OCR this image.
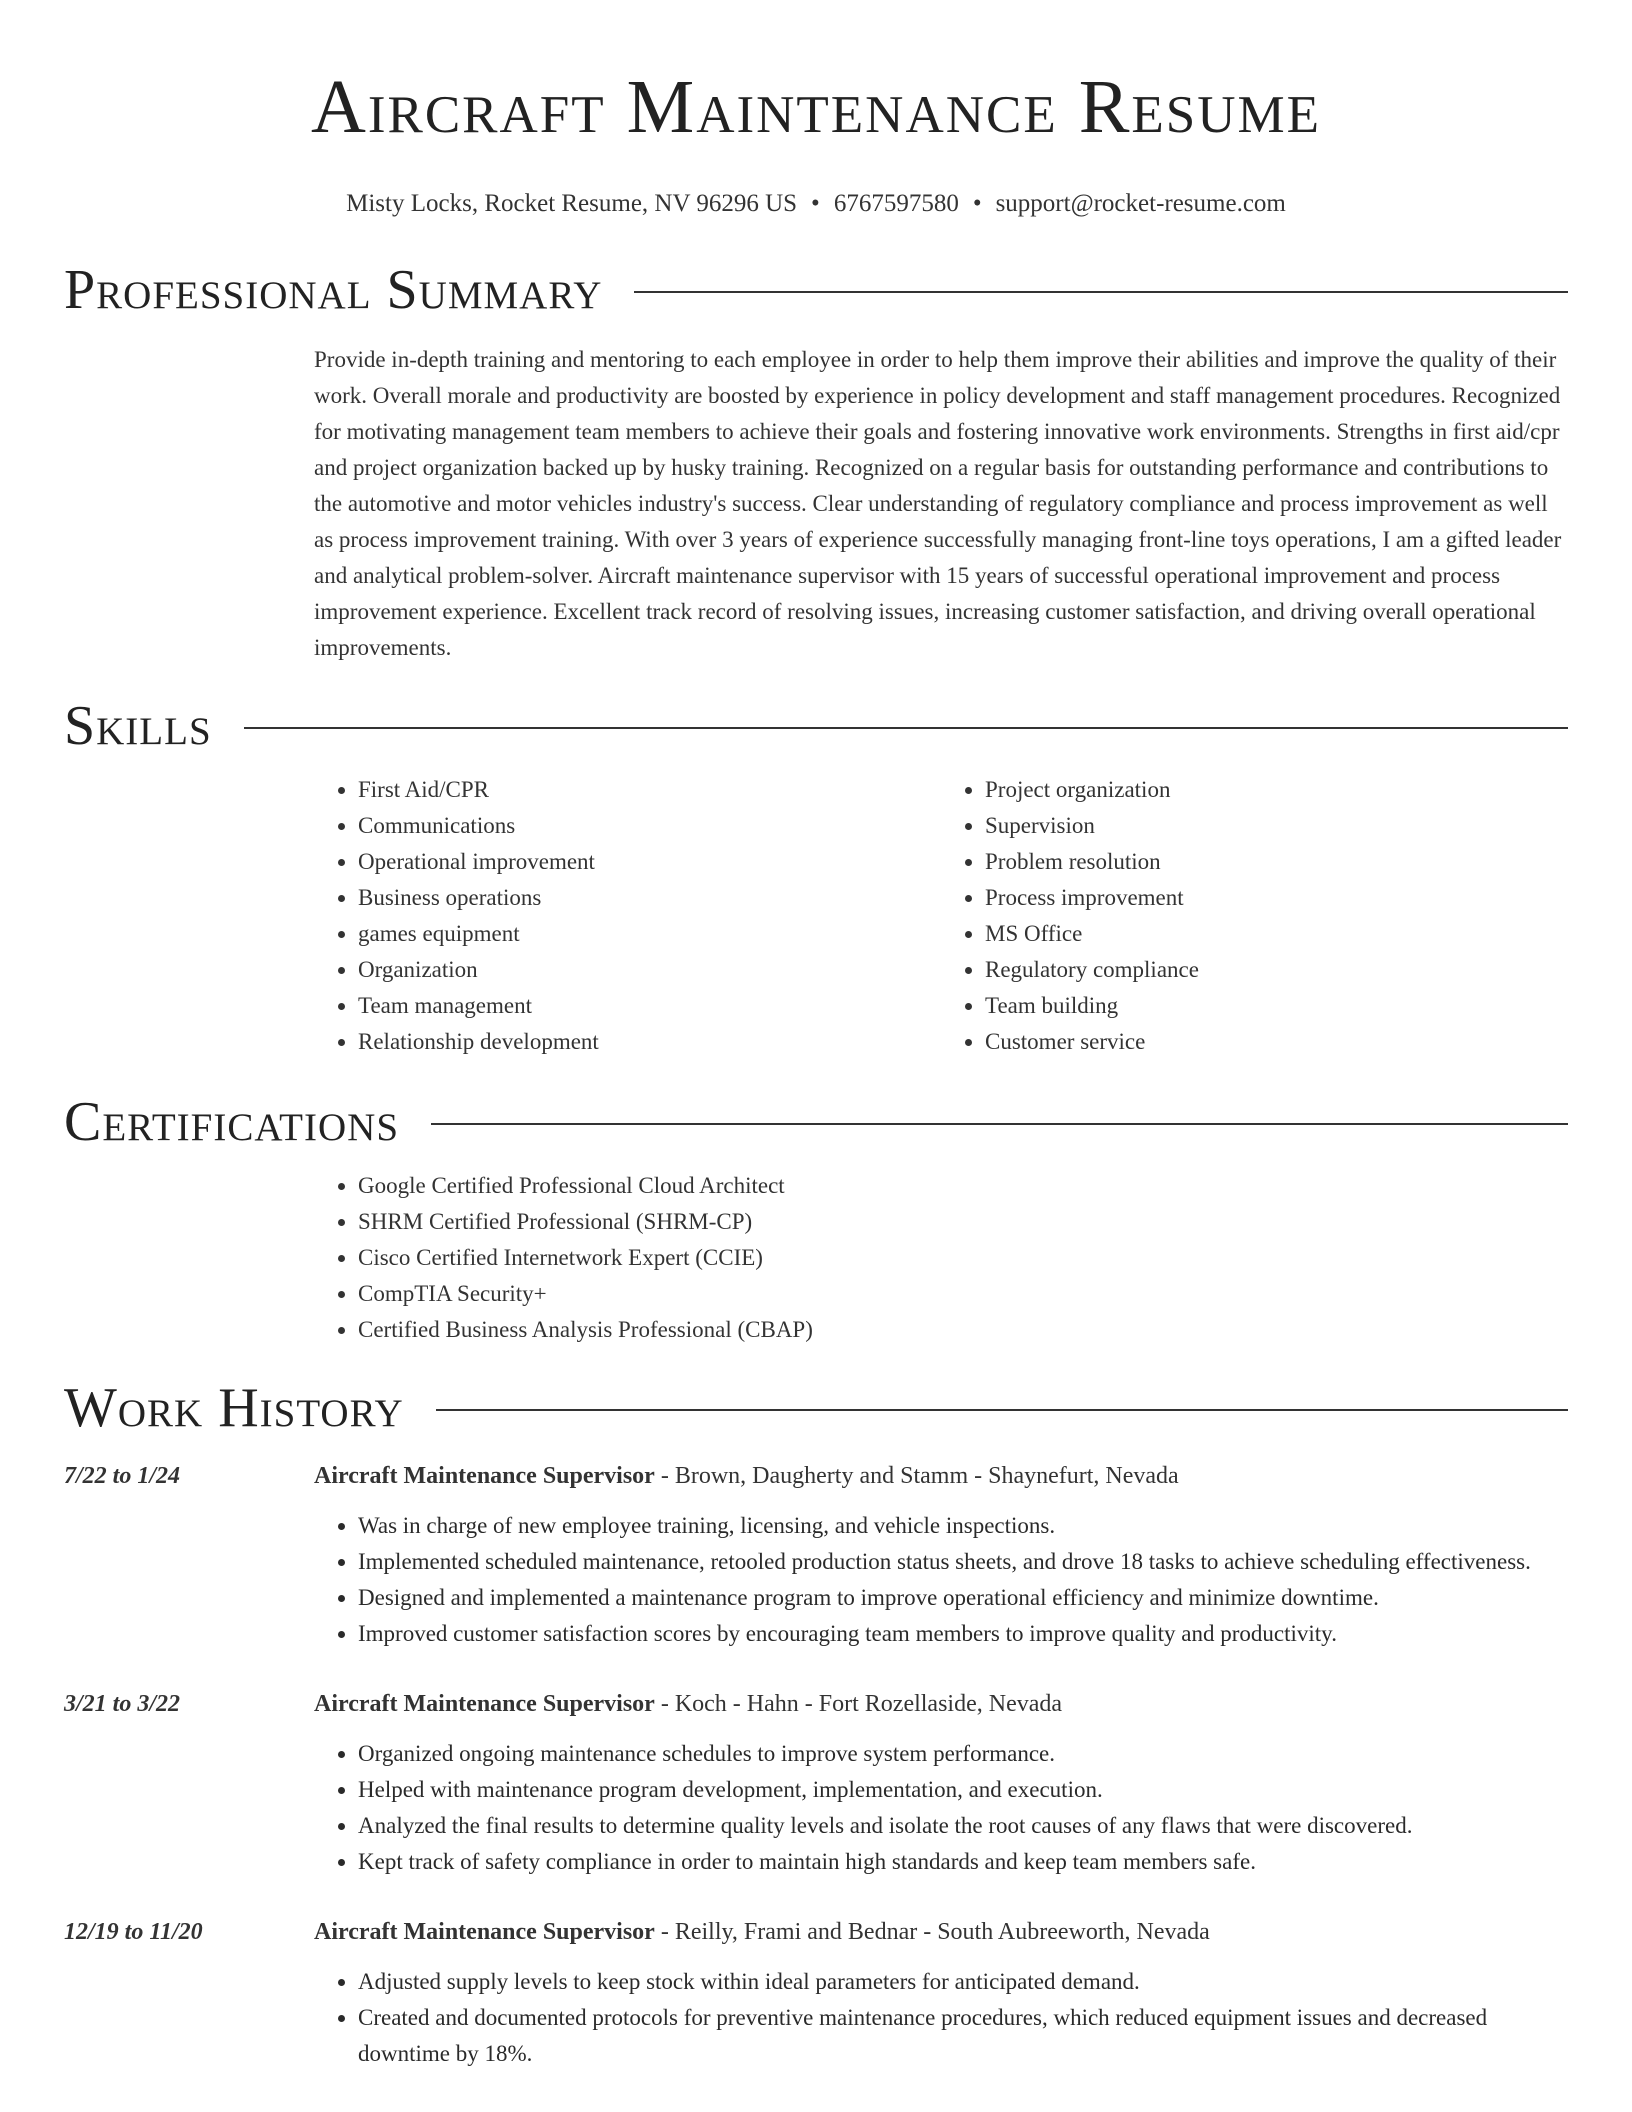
Aircraft Maintenance Resume
Misty Locks, Rocket Resume, NV 96296 US • 6767597580 • support@rocket-resume.com
Professional Summary
Provide in-depth training and mentoring to each employee in order to help them improve their abilities and improve the quality of their work. Overall morale and productivity are boosted by experience in policy development and staff management procedures. Recognized for motivating management team members to achieve their goals and fostering innovative work environments. Strengths in first aid/cpr and project organization backed up by husky training. Recognized on a regular basis for outstanding performance and contributions to the automotive and motor vehicles industry's success. Clear understanding of regulatory compliance and process improvement as well as process improvement training. With over 3 years of experience successfully managing front-line toys operations, I am a gifted leader and analytical problem-solver. Aircraft maintenance supervisor with 15 years of successful operational improvement and process improvement experience. Excellent track record of resolving issues, increasing customer satisfaction, and driving overall operational improvements.
Skills
• First Aid/CPR
• Communications
• Operational improvement
• Business operations
• games equipment
• Organization
• Team management
• Relationship development
• Project organization
• Supervision
• Problem resolution
• Process improvement
• MS Office
• Regulatory compliance
• Team building
• Customer service
Certifications
• Google Certified Professional Cloud Architect
• SHRM Certified Professional (SHRM-CP)
• Cisco Certified Internetwork Expert (CCIE)
• CompTIA Security+
• Certified Business Analysis Professional (CBAP)
Work History
7/22 to 1/24	Aircraft Maintenance Supervisor - Brown, Daugherty and Stamm - Shaynefurt, Nevada
• Was in charge of new employee training, licensing, and vehicle inspections.
• Implemented scheduled maintenance, retooled production status sheets, and drove 18 tasks to achieve scheduling effectiveness.
• Designed and implemented a maintenance program to improve operational efficiency and minimize downtime.
• Improved customer satisfaction scores by encouraging team members to improve quality and productivity.
3/21 to 3/22	Aircraft Maintenance Supervisor - Koch - Hahn - Fort Rozellaside, Nevada
• Organized ongoing maintenance schedules to improve system performance.
• Helped with maintenance program development, implementation, and execution.
• Analyzed the final results to determine quality levels and isolate the root causes of any flaws that were discovered.
• Kept track of safety compliance in order to maintain high standards and keep team members safe.
12/19 to 11/20	Aircraft Maintenance Supervisor - Reilly, Frami and Bednar - South Aubreeworth, Nevada
• Adjusted supply levels to keep stock within ideal parameters for anticipated demand.
• Created and documented protocols for preventive maintenance procedures, which reduced equipment issues and decreased downtime by 18%.
